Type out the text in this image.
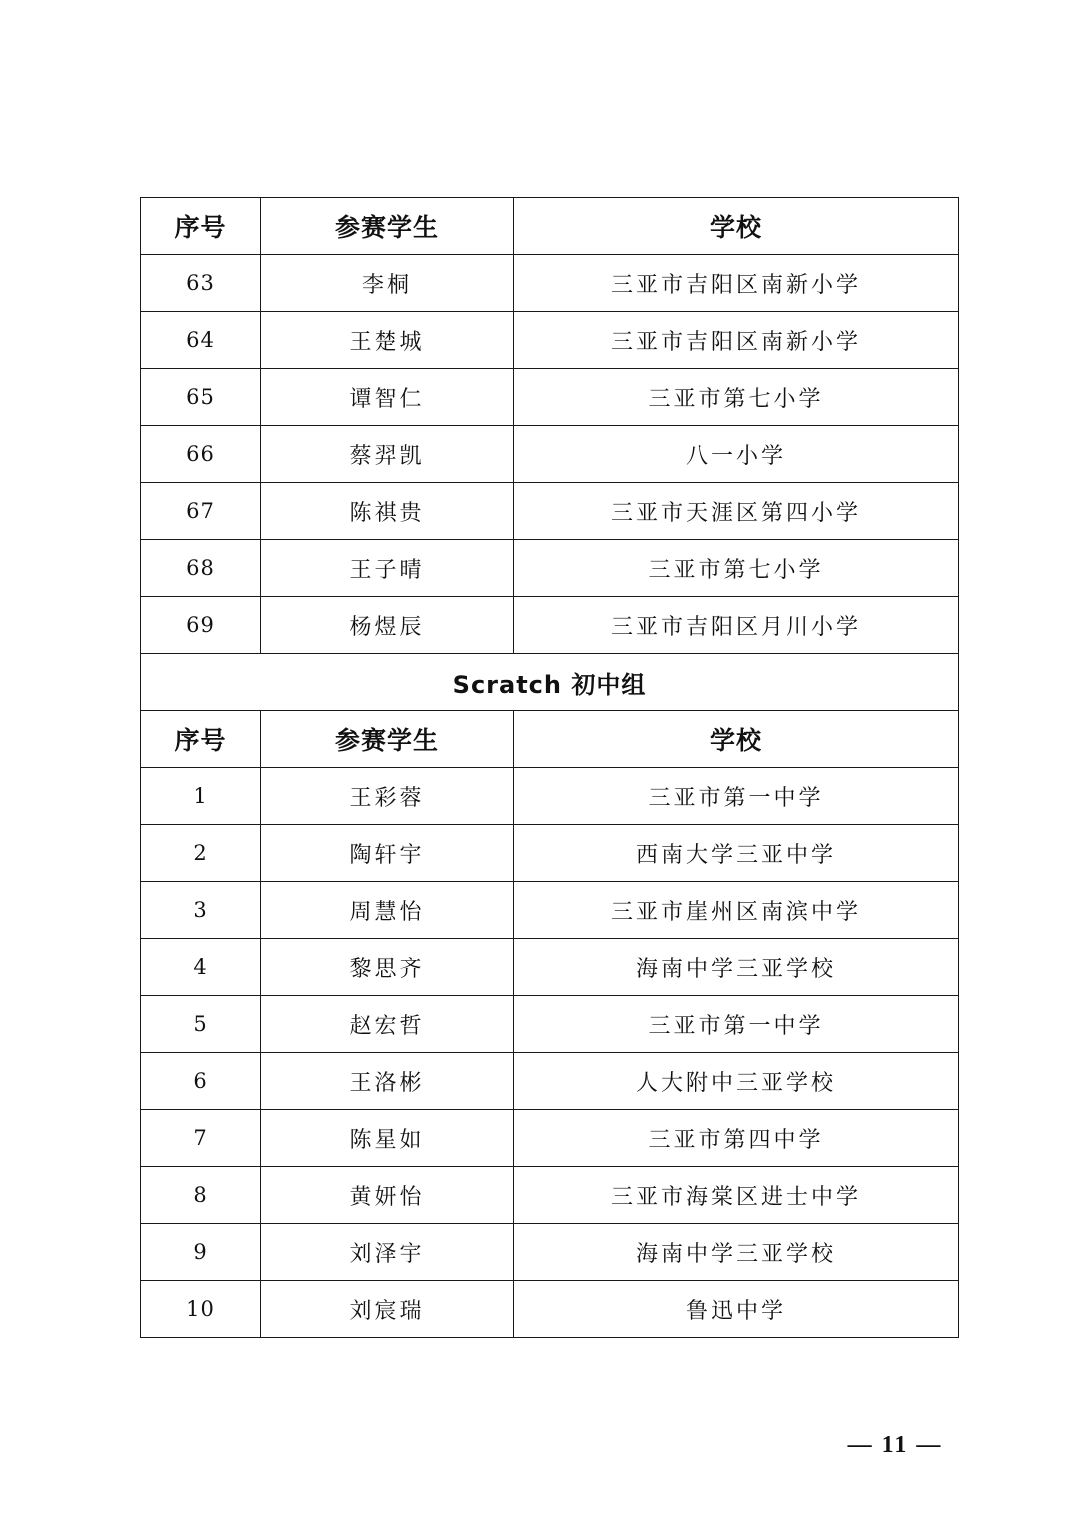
序号	参赛学生	学校
63	李桐	三亚市吉阳区南新小学
64	王楚城	三亚市吉阳区南新小学
65	谭智仁	三亚市第七小学
66	蔡羿凯	八一小学
67	陈祺贵	三亚市天涯区第四小学
68	王子晴	三亚市第七小学
69	杨煜辰	三亚市吉阳区月川小学
Scratch 初中组		
序号	参赛学生	学校
1	王彩蓉	三亚市第一中学
2	陶轩宇	西南大学三亚中学
3	周慧怡	三亚市崖州区南滨中学
4	黎思齐	海南中学三亚学校
5	赵宏哲	三亚市第一中学
6	王洛彬	人大附中三亚学校
7	陈星如	三亚市第四中学
8	黄妍怡	三亚市海棠区进士中学
9	刘泽宇	海南中学三亚学校
10	刘宸瑞	鲁迅中学
— 11 —
